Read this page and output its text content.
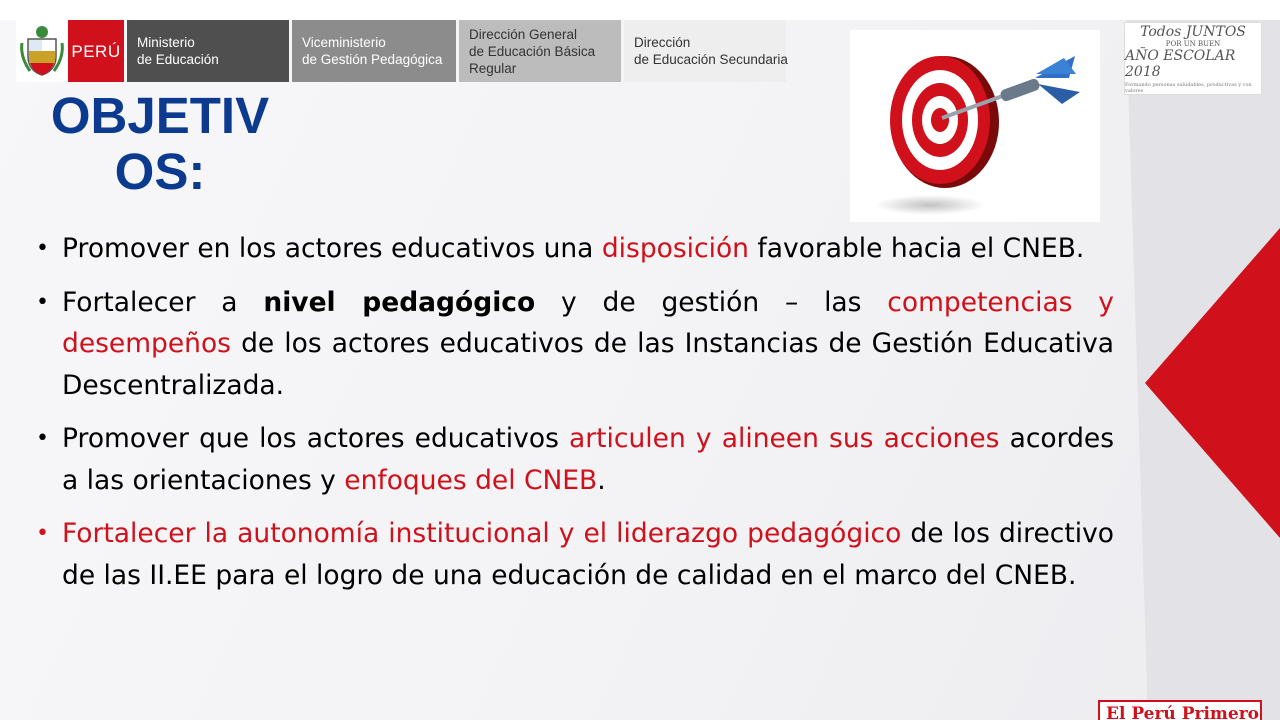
PERÚ Ministerio
de Educación
Viceministerio
de Gestión Pedagógica
Dirección General
de Educación Básica
Regular
Dirección
de Educación Secundaria
OBJETIV
OS:
Todos JUNTOS
POR UN BUEN
AÑO ESCOLAR 2018
Formando personas saludables, productivas y con valores
• Promover en los actores educativos una disposición favorable hacia el CNEB.
• Fortalecer a nivel pedagógico y de gestión – las competencias y desempeños de los actores educativos de las Instancias de Gestión Educativa Descentralizada.
• Promover que los actores educativos articulen y alineen sus acciones acordes a las orientaciones y enfoques del CNEB.
• Fortalecer la autonomía institucional y el liderazgo pedagógico de los directivo de las II.EE para el logro de una educación de calidad en el marco del CNEB.
El Perú Primero
